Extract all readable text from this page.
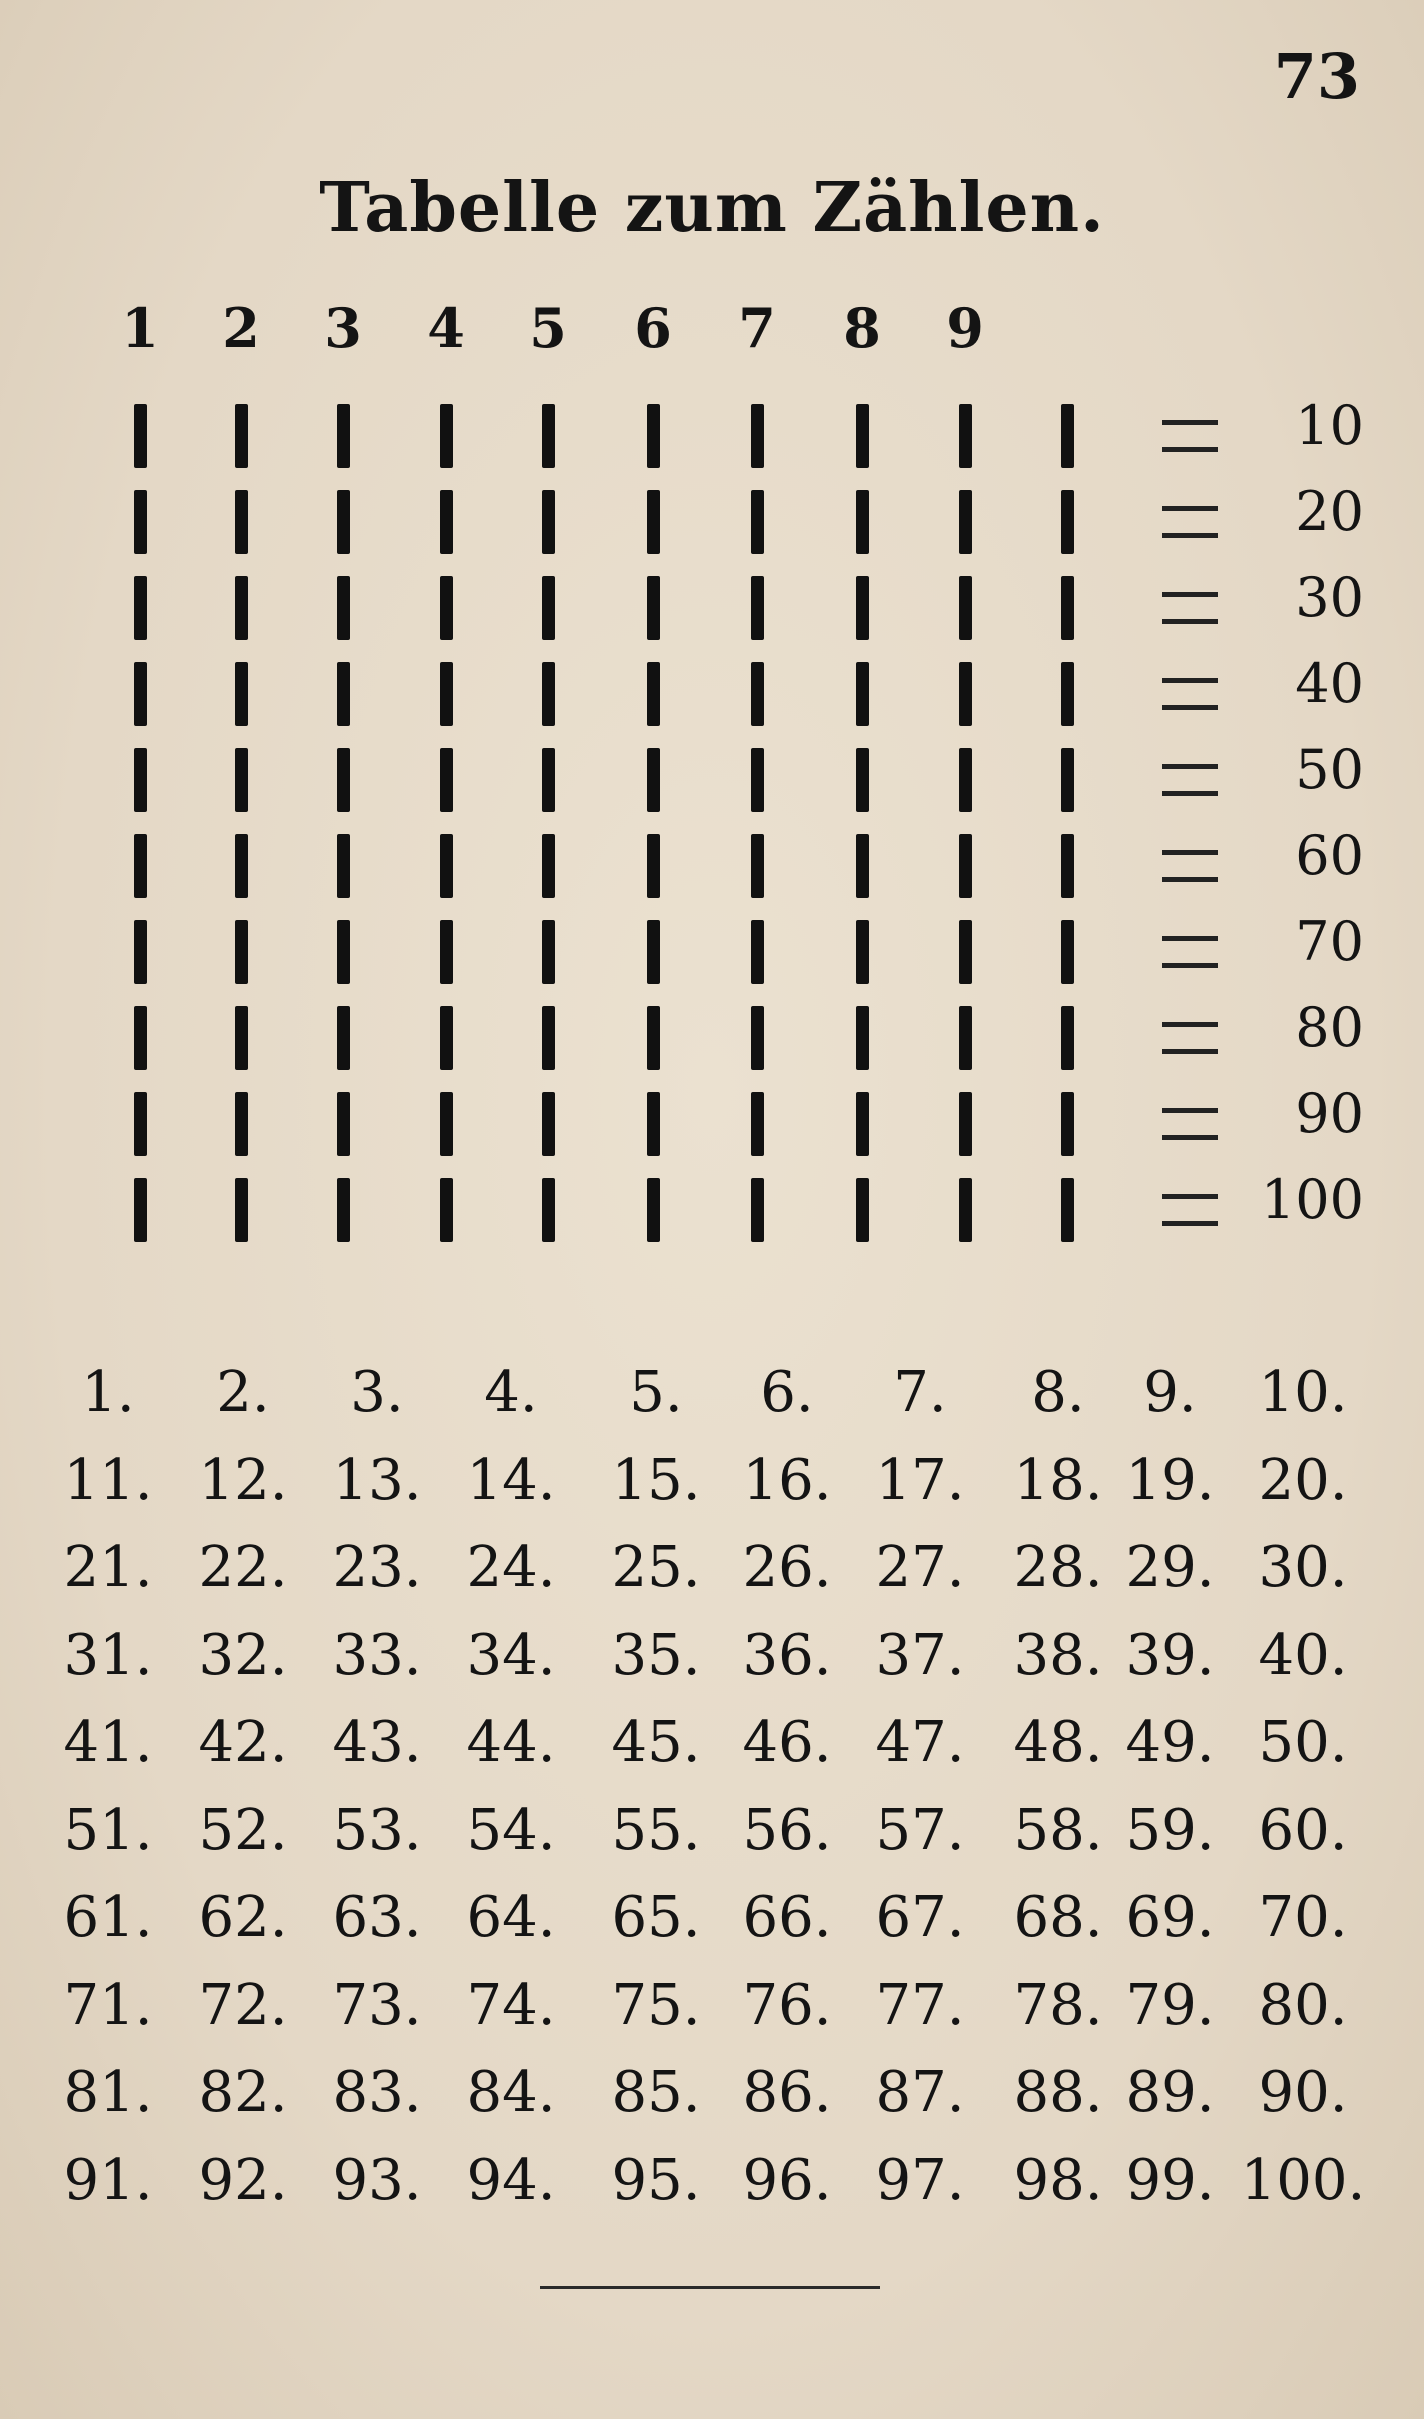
73
Tabelle zum Zählen.
1	2	3	4	5	6	7	8	9
10
20
30
40
50
60
70
80
90
100
1.	2.	3.	4.	5.	6.	7.	8.	9.	10.
11. 12. 13. 14. 15. 16. 17. 18. 19. 20.
21. 22. 23. 24. 25. 26. 27. 28. 29. 30.
31. 32. 33. 34. 35. 36. 37. 38. 39. 40.
41. 42. 43. 44. 45. 46. 47. 48. 49. 50.
51. 52. 53. 54. 55. 56. 57. 58. 59. 60.
61. 62. 63. 64. 65. 66. 67. 68. 69. 70.
71. 72. 73. 74. 75. 76. 77. 78. 79. 80.
81. 82. 83. 84. 85. 86. 87. 88. 89. 90.
91. 92. 93. 94. 95. 96. 97. 98. 99. 100.
